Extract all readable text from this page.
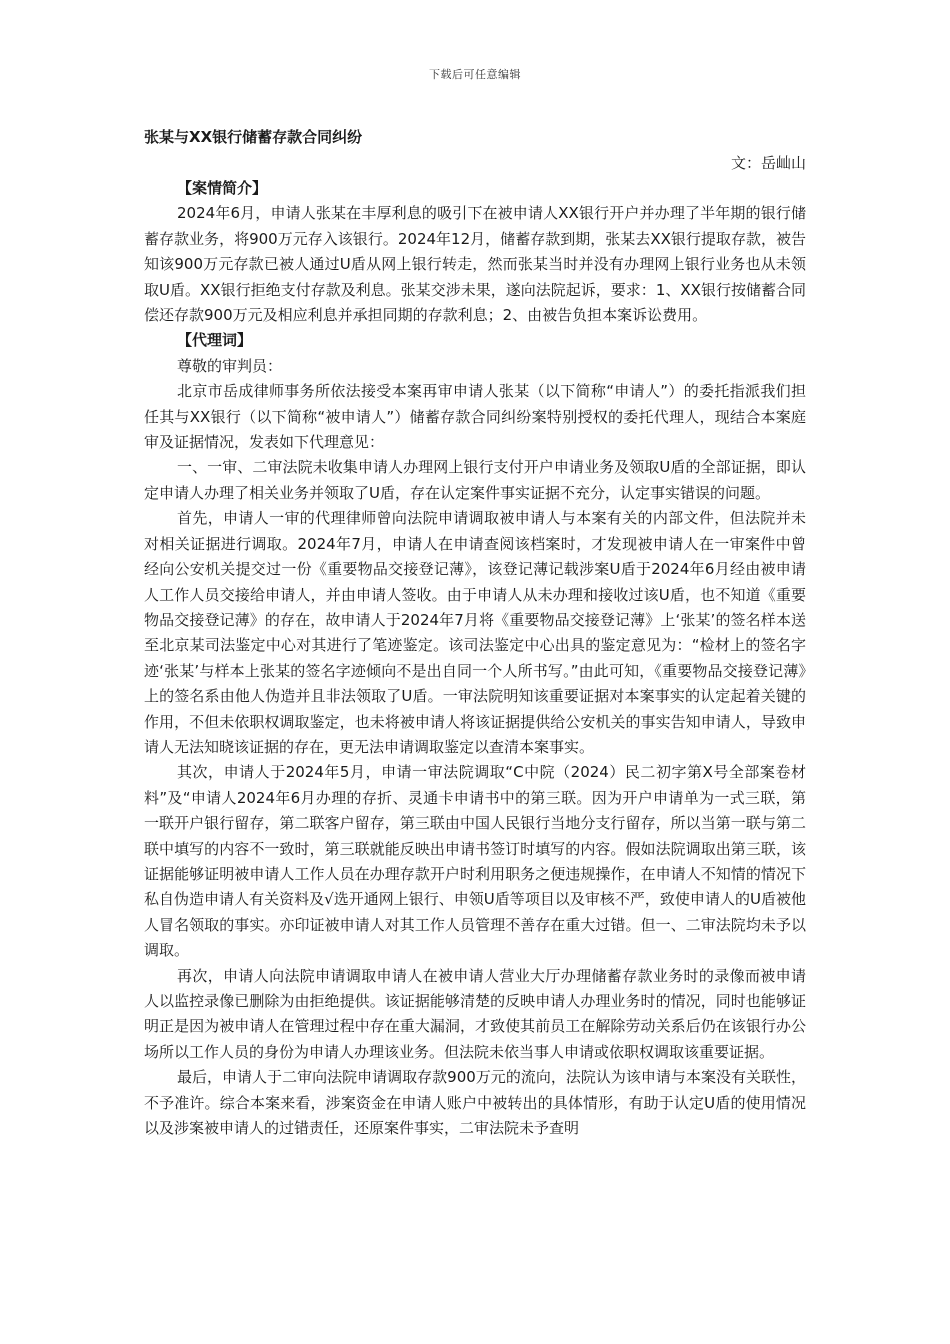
下载后可任意编辑

张某与XX银行储蓄存款合同纠纷

文：岳屾山

【案情简介】

2024年6月，申请人张某在丰厚利息的吸引下在被申请人XX银行开户并办理了半年期的银行储蓄存款业务，将900万元存入该银行。2024年12月，储蓄存款到期，张某去XX银行提取存款，被告知该900万元存款已被人通过U盾从网上银行转走，然而张某当时并没有办理网上银行业务也从未领取U盾。XX银行拒绝支付存款及利息。张某交涉未果，遂向法院起诉，要求：1、XX银行按储蓄合同偿还存款900万元及相应利息并承担同期的存款利息；2、由被告负担本案诉讼费用。

【代理词】

尊敬的审判员：

北京市岳成律师事务所依法接受本案再审申请人张某（以下简称“申请人”）的委托指派我们担任其与XX银行（以下简称“被申请人”）储蓄存款合同纠纷案特别授权的委托代理人，现结合本案庭审及证据情况，发表如下代理意见：

一、一审、二审法院未收集申请人办理网上银行支付开户申请业务及领取U盾的全部证据，即认定申请人办理了相关业务并领取了U盾，存在认定案件事实证据不充分，认定事实错误的问题。

首先，申请人一审的代理律师曾向法院申请调取被申请人与本案有关的内部文件，但法院并未对相关证据进行调取。2024年7月，申请人在申请查阅该档案时，才发现被申请人在一审案件中曾经向公安机关提交过一份《重要物品交接登记薄》，该登记薄记载涉案U盾于2024年6月经由被申请人工作人员交接给申请人，并由申请人签收。由于申请人从未办理和接收过该U盾，也不知道《重要物品交接登记薄》的存在，故申请人于2024年7月将《重要物品交接登记薄》上‘张某’的签名样本送至北京某司法鉴定中心对其进行了笔迹鉴定。该司法鉴定中心出具的鉴定意见为：“检材上的签名字迹‘张某’与样本上张某的签名字迹倾向不是出自同一个人所书写。”由此可知，《重要物品交接登记薄》上的签名系由他人伪造并且非法领取了U盾。一审法院明知该重要证据对本案事实的认定起着关键的作用，不但未依职权调取鉴定，也未将被申请人将该证据提供给公安机关的事实告知申请人，导致申请人无法知晓该证据的存在，更无法申请调取鉴定以查清本案事实。

其次，申请人于2024年5月，申请一审法院调取“C中院（2024）民二初字第X号全部案卷材料”及“申请人2024年6月办理的存折、灵通卡申请书中的第三联。因为开户申请单为一式三联，第一联开户银行留存，第二联客户留存，第三联由中国人民银行当地分支行留存，所以当第一联与第二联中填写的内容不一致时，第三联就能反映出申请书签订时填写的内容。假如法院调取出第三联，该证据能够证明被申请人工作人员在办理存款开户时利用职务之便违规操作，在申请人不知情的情况下私自伪造申请人有关资料及√选开通网上银行、申领U盾等项目以及审核不严，致使申请人的U盾被他人冒名领取的事实。亦印证被申请人对其工作人员管理不善存在重大过错。但一、二审法院均未予以调取。

再次，申请人向法院申请调取申请人在被申请人营业大厅办理储蓄存款业务时的录像而被申请人以监控录像已删除为由拒绝提供。该证据能够清楚的反映申请人办理业务时的情况，同时也能够证明正是因为被申请人在管理过程中存在重大漏洞，才致使其前员工在解除劳动关系后仍在该银行办公场所以工作人员的身份为申请人办理该业务。但法院未依当事人申请或依职权调取该重要证据。

最后，申请人于二审向法院申请调取存款900万元的流向，法院认为该申请与本案没有关联性，不予准许。综合本案来看，涉案资金在申请人账户中被转出的具体情形，有助于认定U盾的使用情况以及涉案被申请人的过错责任，还原案件事实，二审法院未予查明
